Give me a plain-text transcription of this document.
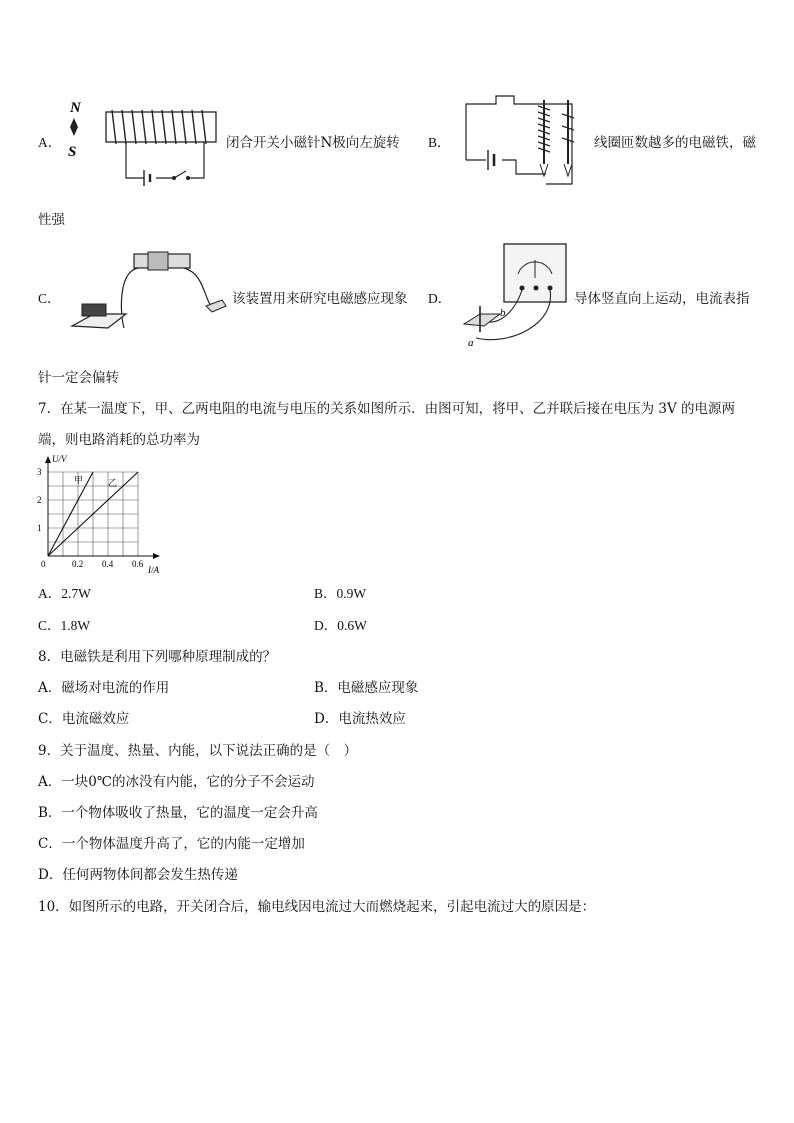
A．
N
S
闭合开关小磁针N极向左旋转 B．	线圈匝数越多的电磁铁，磁
性强
C．	该装置用来研究电磁感应现象 D．
b
a
导体竖直向上运动，电流表指
针一定会偏转
7．在某一温度下，甲、乙两电阻的电流与电压的关系如图所示．由图可知，将甲、乙并联后接在电压为 3V 的电源两
端，则电路消耗的总功率为
甲	乙
0	0.2 0.4 0.6
1
2
3
U/V
I/A
A．2.7W	B．0.9W
C．1.8W	D．0.6W
8．电磁铁是利用下列哪种原理制成的？
A．磁场对电流的作用	B．电磁感应现象
C．电流磁效应	D．电流热效应
9．关于温度、热量、内能，以下说法正确的是（　）
A．一块0℃的冰没有内能，它的分子不会运动
B．一个物体吸收了热量，它的温度一定会升高
C．一个物体温度升高了，它的内能一定增加
D．任何两物体间都会发生热传递
10．如图所示的电路，开关闭合后，输电线因电流过大而燃烧起来，引起电流过大的原因是：
